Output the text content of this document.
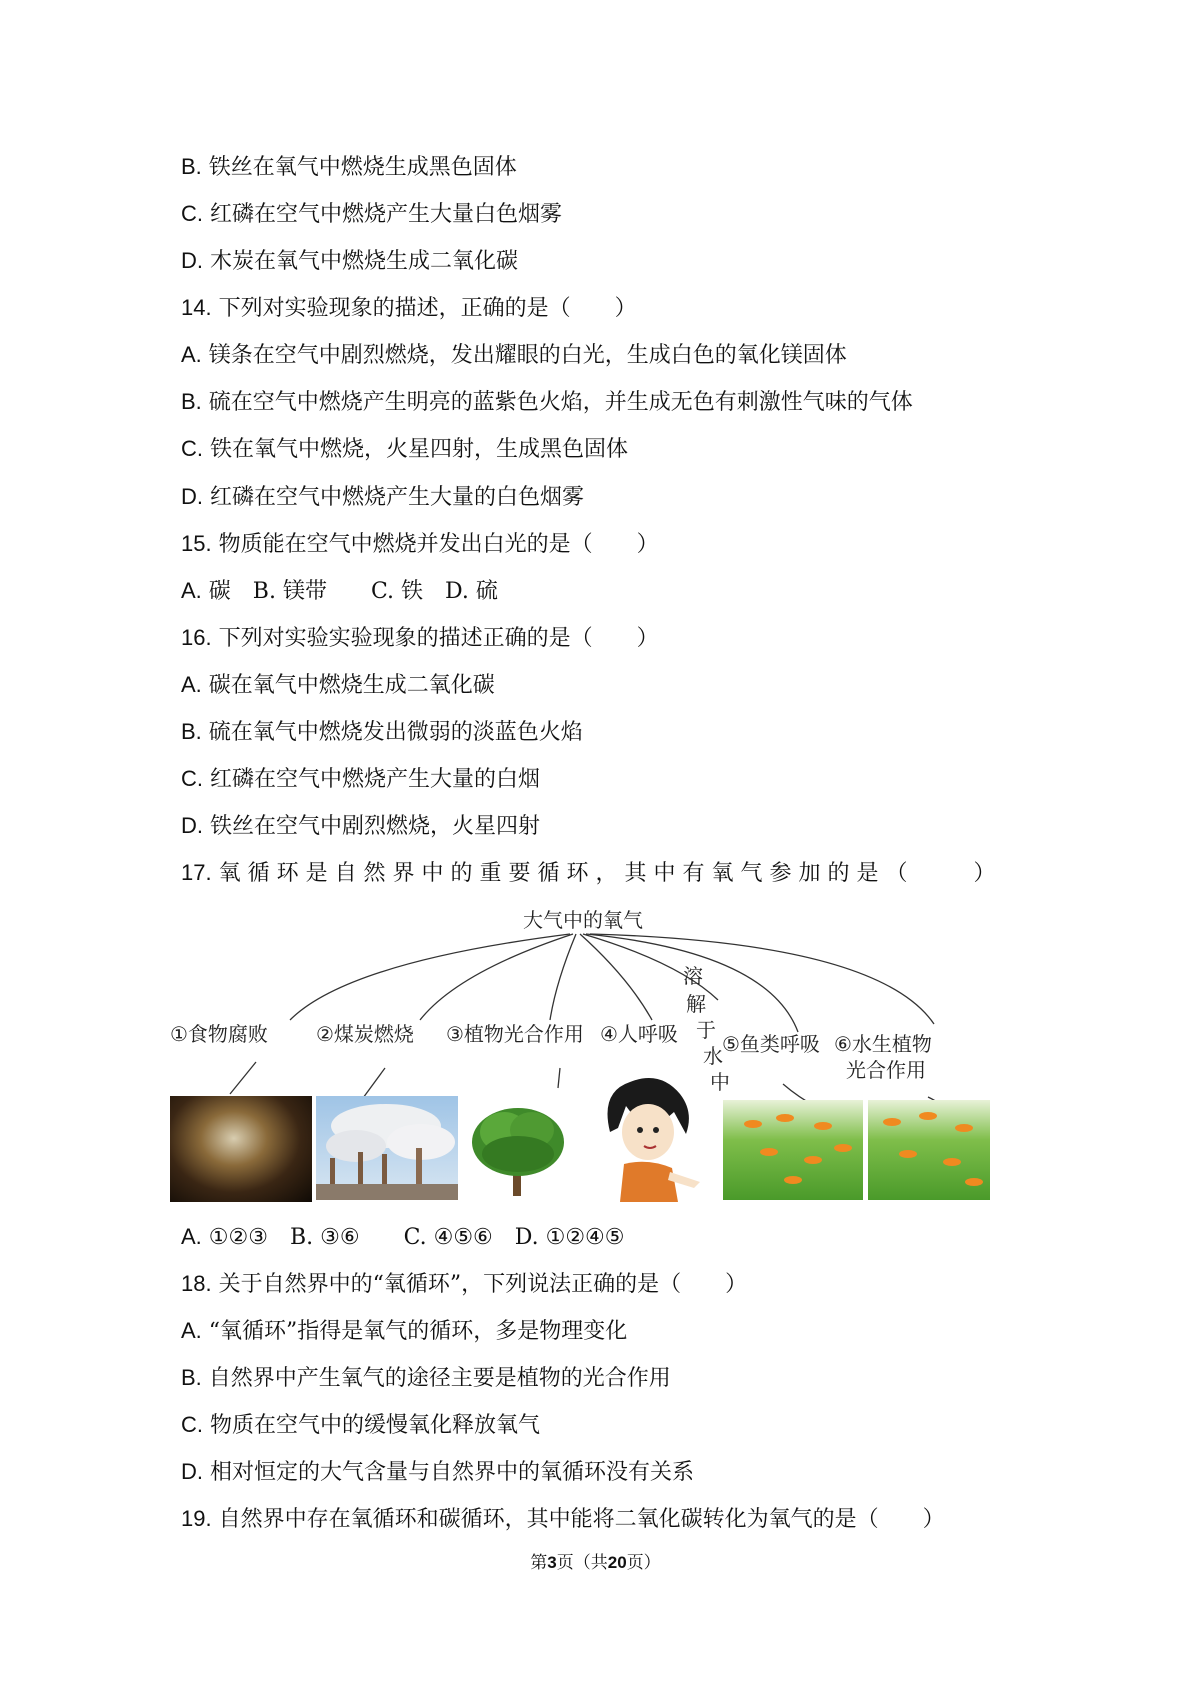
B. 铁丝在氧气中燃烧生成黑色固体
C. 红磷在空气中燃烧产生大量白色烟雾
D. 木炭在氧气中燃烧生成二氧化碳
14. 下列对实验现象的描述，正确的是（　　）
A. 镁条在空气中剧烈燃烧，发出耀眼的白光，生成白色的氧化镁固体
B. 硫在空气中燃烧产生明亮的蓝紫色火焰，并生成无色有刺激性气味的气体
C. 铁在氧气中燃烧，火星四射，生成黑色固体
D. 红磷在空气中燃烧产生大量的白色烟雾
15. 物质能在空气中燃烧并发出白光的是（　　）
A. 碳　B. 镁带　　C. 铁　D. 硫
16. 下列对实验实验现象的描述正确的是（　　）
A. 碳在氧气中燃烧生成二氧化碳
B. 硫在氧气中燃烧发出微弱的淡蓝色火焰
C. 红磷在空气中燃烧产生大量的白烟
D. 铁丝在空气中剧烈燃烧，火星四射
17. 氧 循 环 是 自 然 界 中 的 重 要 循 环 ， 其 中 有 氧 气 参 加 的 是 （　　　）
大气中的氧气
①食物腐败 ②煤炭燃烧 ③植物光合作用 ④人呼吸 ⑤鱼类呼吸 ⑥水生植物
光合作用
溶
解
于
水
中
A. ①②③　B. ③⑥　　C. ④⑤⑥　D. ①②④⑤
18. 关于自然界中的“氧循环”，下列说法正确的是（　　）
A. “氧循环”指得是氧气的循环，多是物理变化
B. 自然界中产生氧气的途径主要是植物的光合作用
C. 物质在空气中的缓慢氧化释放氧气
D. 相对恒定的大气含量与自然界中的氧循环没有关系
19. 自然界中存在氧循环和碳循环，其中能将二氧化碳转化为氧气的是（　　）
第3页（共20页）
